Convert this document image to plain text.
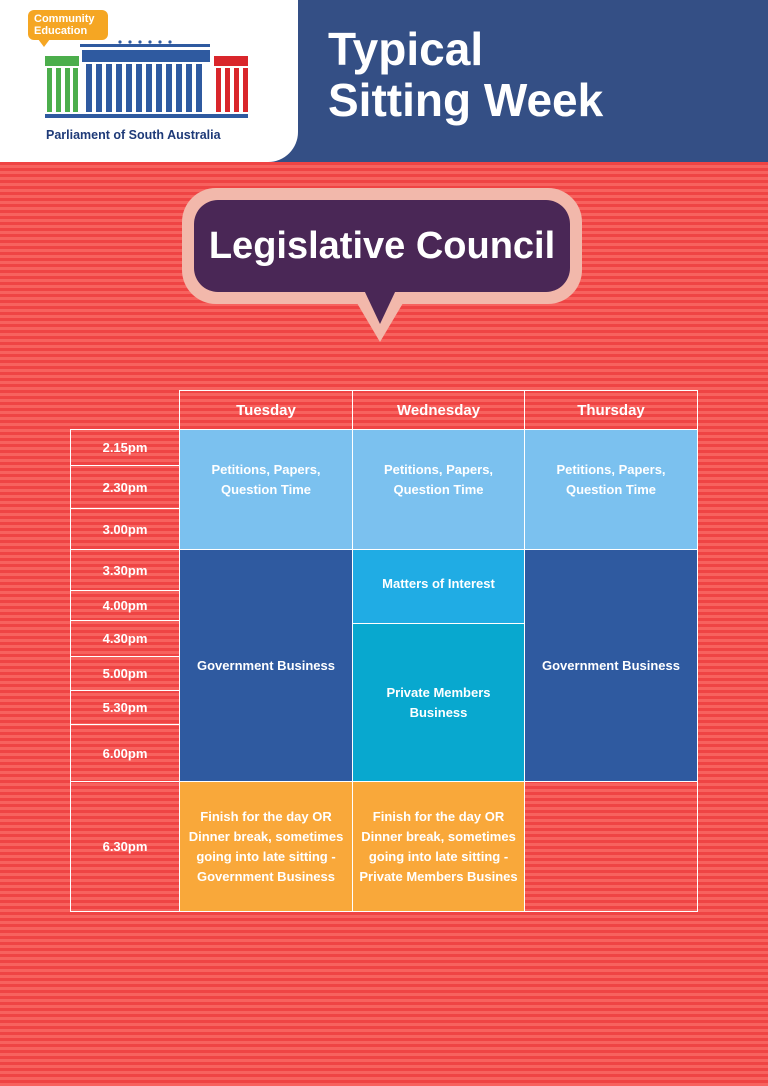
Community
Education
Parliament of South Australia
Typical
Sitting Week
Legislative Council
Tuesday	Wednesday	Thursday
2.15pm
2.30pm
3.00pm
3.30pm
4.00pm
4.30pm
5.00pm
5.30pm
6.00pm
6.30pm
Petitions, Papers, Question Time
Government Business
Finish for the day OR Dinner break, sometimes going into late sitting - Government Business
Petitions, Papers, Question Time
Matters of Interest
Private Members Business
Finish for the day OR Dinner break, sometimes going into late sitting - Private Members Busines
Petitions, Papers, Question Time
Government Business
